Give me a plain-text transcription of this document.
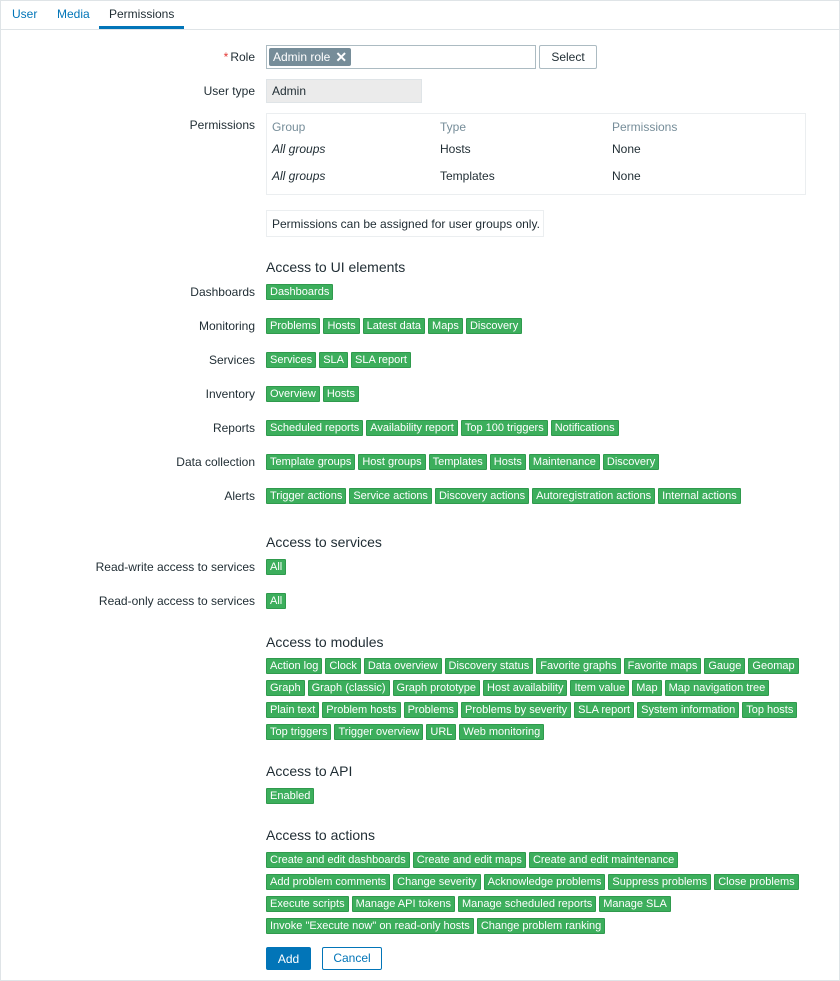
User	Media	Permissions
* Role Admin role ✕	Select
User type	Admin
Permissions Group	Type	Permissions
All groups	Hosts	None
All groups	Templates	None
Permissions can be assigned for user groups only.
Access to UI elements
Dashboards	Dashboards
Monitoring	Problems	Hosts	Latest data	Maps	Discovery
Services	Services	SLA	SLA report
Inventory	Overview	Hosts
Reports	Scheduled reports	Availability report	Top 100 triggers	Notifications
Data collection	Template groups	Host groups	Templates	Hosts	Maintenance	Discovery
Alerts	Trigger actions	Service actions	Discovery actions	Autoregistration actions	Internal actions
Access to services
Read-write access to services	All
Read-only access to services	All
Access to modules
Action log	Clock	Data overview	Discovery status	Favorite graphs	Favorite maps	Gauge	Geomap
Graph	Graph (classic)	Graph prototype	Host availability	Item value	Map	Map navigation tree
Plain text	Problem hosts	Problems	Problems by severity	SLA report	System information	Top hosts
Top triggers	Trigger overview	URL	Web monitoring
Access to API
Enabled
Access to actions
Create and edit dashboards	Create and edit maps	Create and edit maintenance
Add problem comments	Change severity	Acknowledge problems	Suppress problems	Close problems
Execute scripts	Manage API tokens	Manage scheduled reports	Manage SLA
Invoke "Execute now" on read-only hosts	Change problem ranking
Add	Cancel
